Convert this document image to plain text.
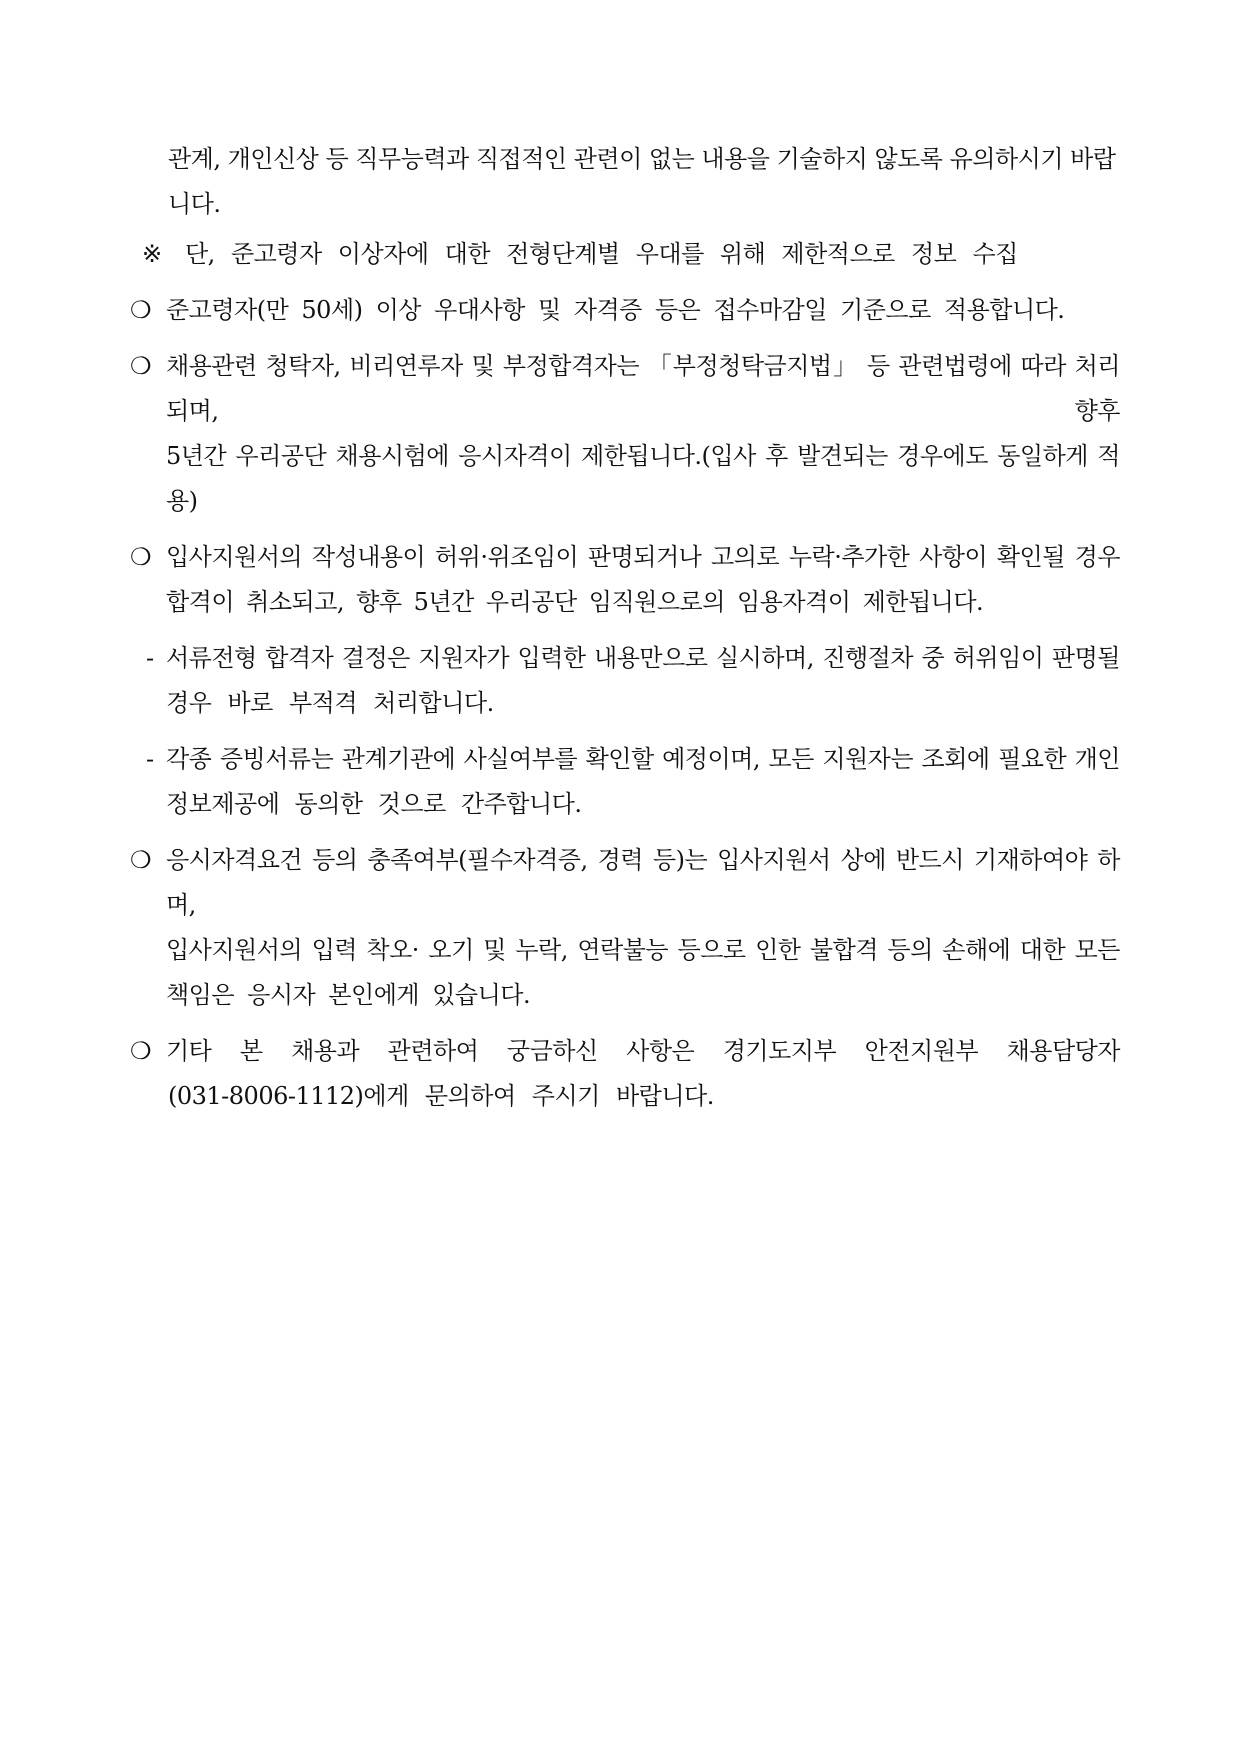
관계, 개인신상 등 직무능력과 직접적인 관련이 없는 내용을 기술하지 않도록 유의하시기 바랍니다.

※ 단, 준고령자 이상자에 대한 전형단계별 우대를 위해 제한적으로 정보 수집

❍ 준고령자(만 50세) 이상 우대사항 및 자격증 등은 접수마감일 기준으로 적용합니다.

❍ 채용관련 청탁자, 비리연루자 및 부정합격자는 「부정청탁금지법」 등 관련법령에 따라 처리되며, 향후
5년간 우리공단 채용시험에 응시자격이 제한됩니다.(입사 후 발견되는 경우에도 동일하게 적용)

❍ 입사지원서의 작성내용이 허위·위조임이 판명되거나 고의로 누락·추가한 사항이 확인될 경우
합격이 취소되고, 향후 5년간 우리공단 임직원으로의 임용자격이 제한됩니다.

- 서류전형 합격자 결정은 지원자가 입력한 내용만으로 실시하며, 진행절차 중 허위임이 판명될
경우 바로 부적격 처리합니다.

- 각종 증빙서류는 관계기관에 사실여부를 확인할 예정이며, 모든 지원자는 조회에 필요한 개인
정보제공에 동의한 것으로 간주합니다.

❍ 응시자격요건 등의 충족여부(필수자격증, 경력 등)는 입사지원서 상에 반드시 기재하여야 하며,
입사지원서의 입력 착오· 오기 및 누락, 연락불능 등으로 인한 불합격 등의 손해에 대한 모든
책임은 응시자 본인에게 있습니다.

❍ 기타 본 채용과 관련하여 궁금하신 사항은 경기도지부 안전지원부 채용담당자
(031-8006-1112)에게 문의하여 주시기 바랍니다.
